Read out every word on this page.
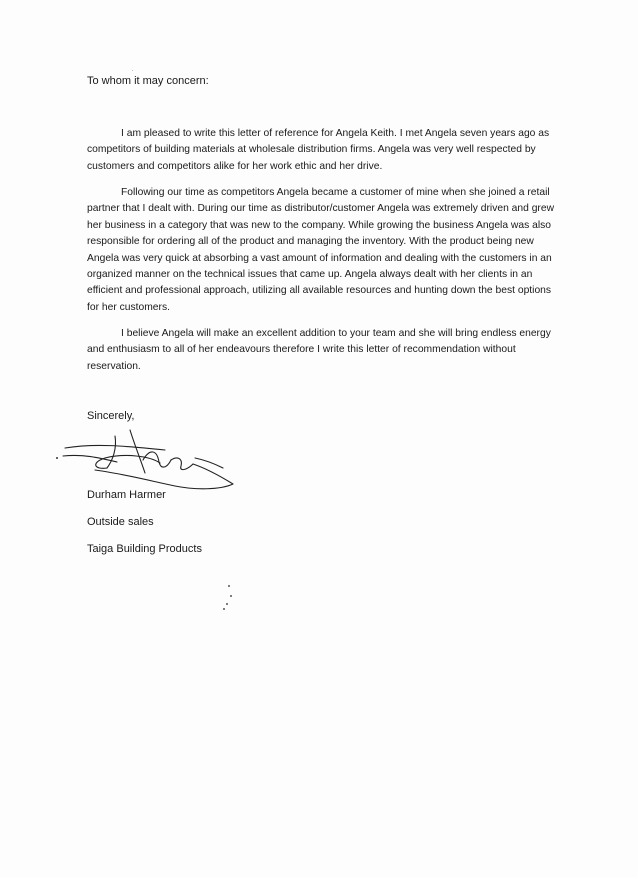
To whom it may concern:

I am pleased to write this letter of reference for Angela Keith. I met Angela seven years ago as competitors of building materials at wholesale distribution firms. Angela was very well respected by customers and competitors alike for her work ethic and her drive.

Following our time as competitors Angela became a customer of mine when she joined a retail partner that I dealt with. During our time as distributor/customer Angela was extremely driven and grew her business in a category that was new to the company. While growing the business Angela was also responsible for ordering all of the product and managing the inventory. With the product being new Angela was very quick at absorbing a vast amount of information and dealing with the customers in an organized manner on the technical issues that came up. Angela always dealt with her clients in an efficient and professional approach, utilizing all available resources and hunting down the best options for her customers.

I believe Angela will make an excellent addition to your team and she will bring endless energy and enthusiasm to all of her endeavours therefore I write this letter of recommendation without reservation.

Sincerely,
Durham Harmer
Outside sales
Taiga Building Products
